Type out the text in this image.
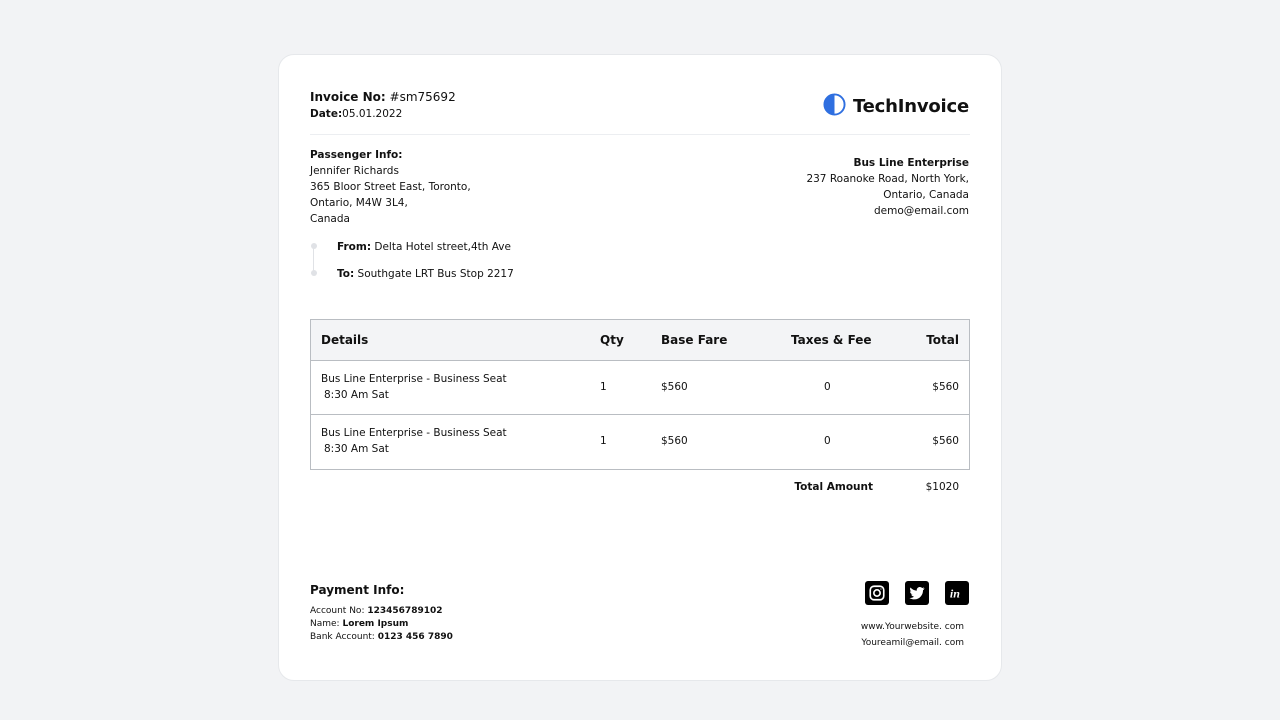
Invoice No: #sm75692
Date:05.01.2022	TechInvoice
Passenger Info:
Jennifer Richards
365 Bloor Street East, Toronto,
Ontario, M4W 3L4,
Canada
Bus Line Enterprise
237 Roanoke Road, North York,
Ontario, Canada
demo@email.com
From: Delta Hotel street,4th Ave
To: Southgate LRT Bus Stop 2217
Details	Qty	Base Fare	Taxes & Fee	Total
Bus Line Enterprise - Business Seat
8:30 Am Sat
1	$560	0	$560
Bus Line Enterprise - Business Seat
8:30 Am Sat
1	$560	0	$560
Total Amount	$1020
Payment Info:
Account No: 123456789102
Name: Lorem Ipsum
Bank Account: 0123 456 7890
in
www.Yourwebsite. com
Youreamil@email. com
